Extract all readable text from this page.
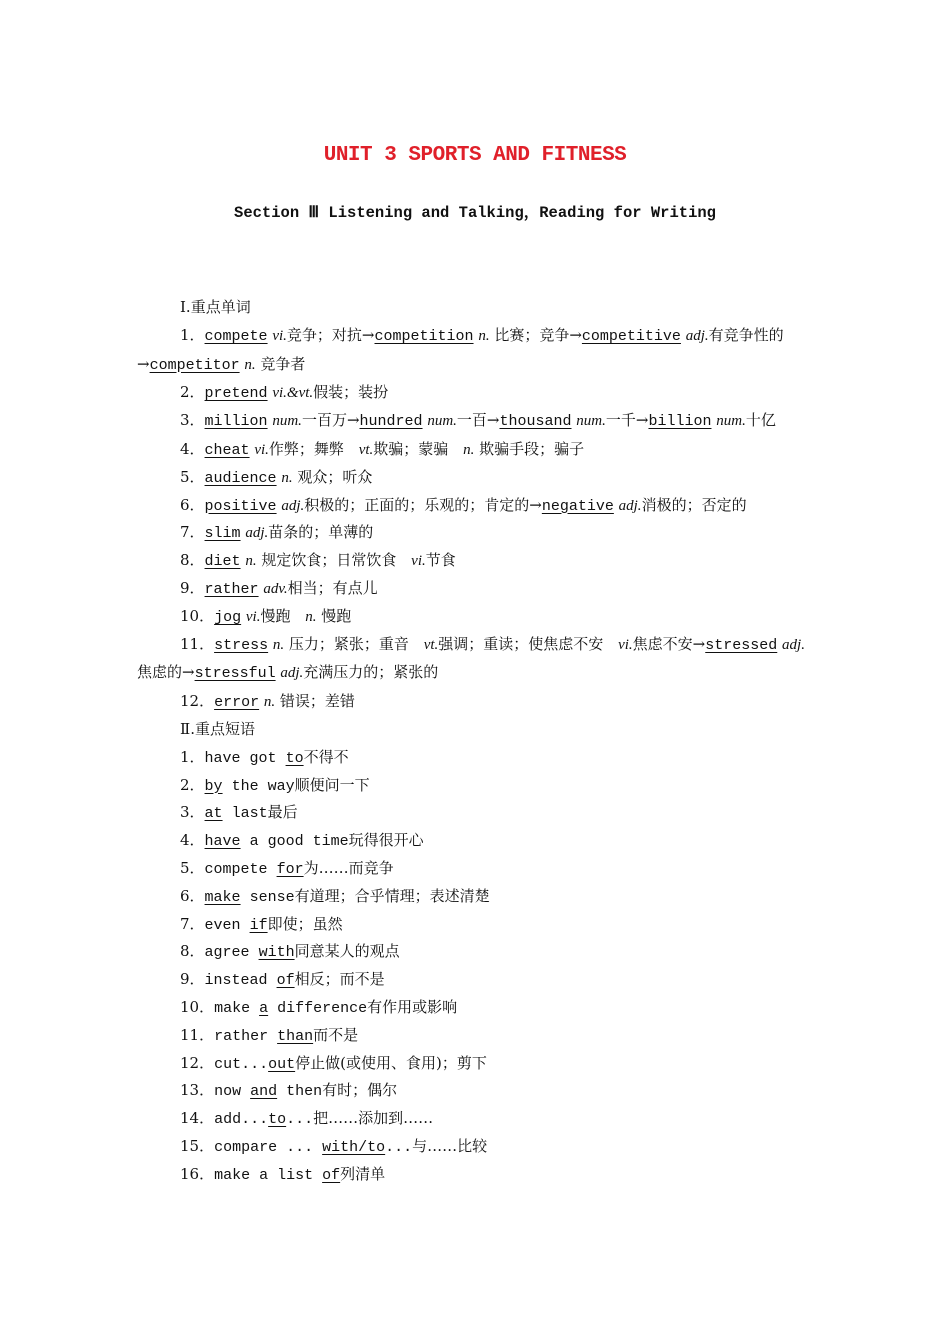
UNIT 3 SPORTS AND FITNESS
Section Ⅲ Listening and Talking，Reading for Writing
Ⅰ.重点单词
1．compete vi.竞争；对抗→competition n. 比赛；竞争→competitive adj.有竞争性的→competitor n. 竞争者
2．pretend vi.&vt.假装；装扮
3．million num.一百万→hundred num.一百→thousand num.一千→billion num.十亿
4．cheat vi.作弊；舞弊 vt.欺骗；蒙骗 n. 欺骗手段；骗子
5．audience n. 观众；听众
6．positive adj.积极的；正面的；乐观的；肯定的→negative adj.消极的；否定的
7．slim adj.苗条的；单薄的
8．diet n. 规定饮食；日常饮食 vi.节食
9．rather adv.相当；有点儿
10．jog vi.慢跑 n. 慢跑
11．stress n. 压力；紧张；重音 vt.强调；重读；使焦虑不安 vi.焦虑不安→stressed adj.焦虑的→stressful adj.充满压力的；紧张的
12．error n. 错误；差错
Ⅱ.重点短语
1．have got to不得不
2．by the way顺便问一下
3．at last最后
4．have a good time玩得很开心
5．compete for为……而竞争
6．make sense有道理；合乎情理；表述清楚
7．even if即使；虽然
8．agree with同意某人的观点
9．instead of相反；而不是
10．make a difference有作用或影响
11．rather than而不是
12．cut...out停止做(或使用、食用)；剪下
13．now and then有时；偶尔
14．add...to...把……添加到……
15．compare ... with/to...与……比较
16．make a list of列清单
